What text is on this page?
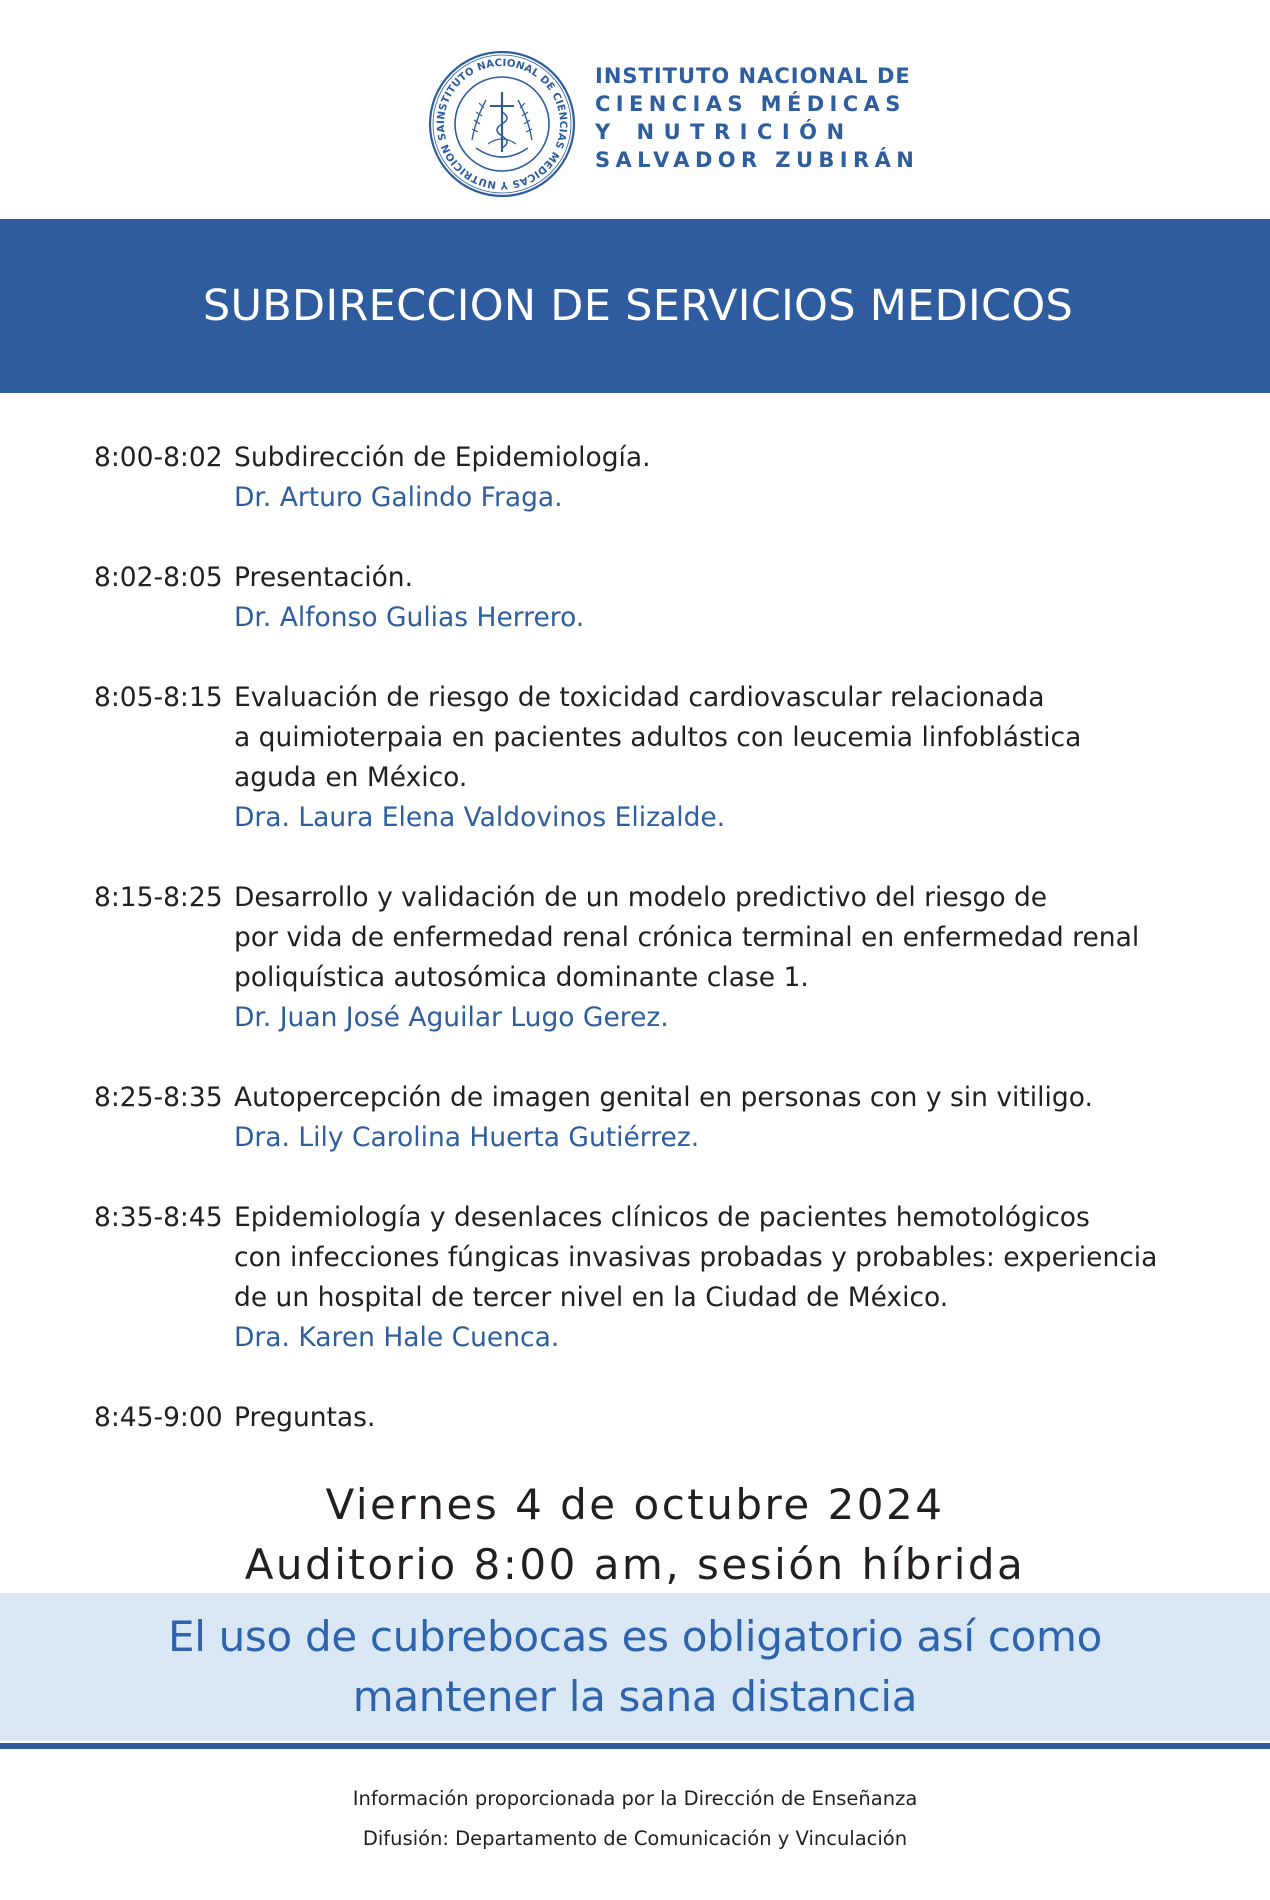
INSTITUTO NACIONAL DE CIENCIAS MEDICAS Y NUTRICION SA
INSTITUTO NACIONAL DE
CIENCIAS MÉDICAS
Y NUTRICIÓN
SALVADOR ZUBIRÁN
SUBDIRECCION DE SERVICIOS MEDICOS
8:00-8:02 Subdirección de Epidemiología.
Dr. Arturo Galindo Fraga.
8:02-8:05 Presentación.
Dr. Alfonso Gulias Herrero.
8:05-8:15 Evaluación de riesgo de toxicidad cardiovascular relacionada
a quimioterpaia en pacientes adultos con leucemia linfoblástica
aguda en México.
Dra. Laura Elena Valdovinos Elizalde.
8:15-8:25 Desarrollo y validación de un modelo predictivo del riesgo de
por vida de enfermedad renal crónica terminal en enfermedad renal
poliquística autosómica dominante clase 1.
Dr. Juan José Aguilar Lugo Gerez.
8:25-8:35 Autopercepción de imagen genital en personas con y sin vitiligo.
Dra. Lily Carolina Huerta Gutiérrez.
8:35-8:45 Epidemiología y desenlaces clínicos de pacientes hemotológicos
con infecciones fúngicas invasivas probadas y probables: experiencia
de un hospital de tercer nivel en la Ciudad de México.
Dra. Karen Hale Cuenca.
8:45-9:00 Preguntas.
Viernes 4 de octubre 2024
Auditorio 8:00 am, sesión híbrida
El uso de cubrebocas es obligatorio así como
mantener la sana distancia
Información proporcionada por la Dirección de Enseñanza
Difusión: Departamento de Comunicación y Vinculación
